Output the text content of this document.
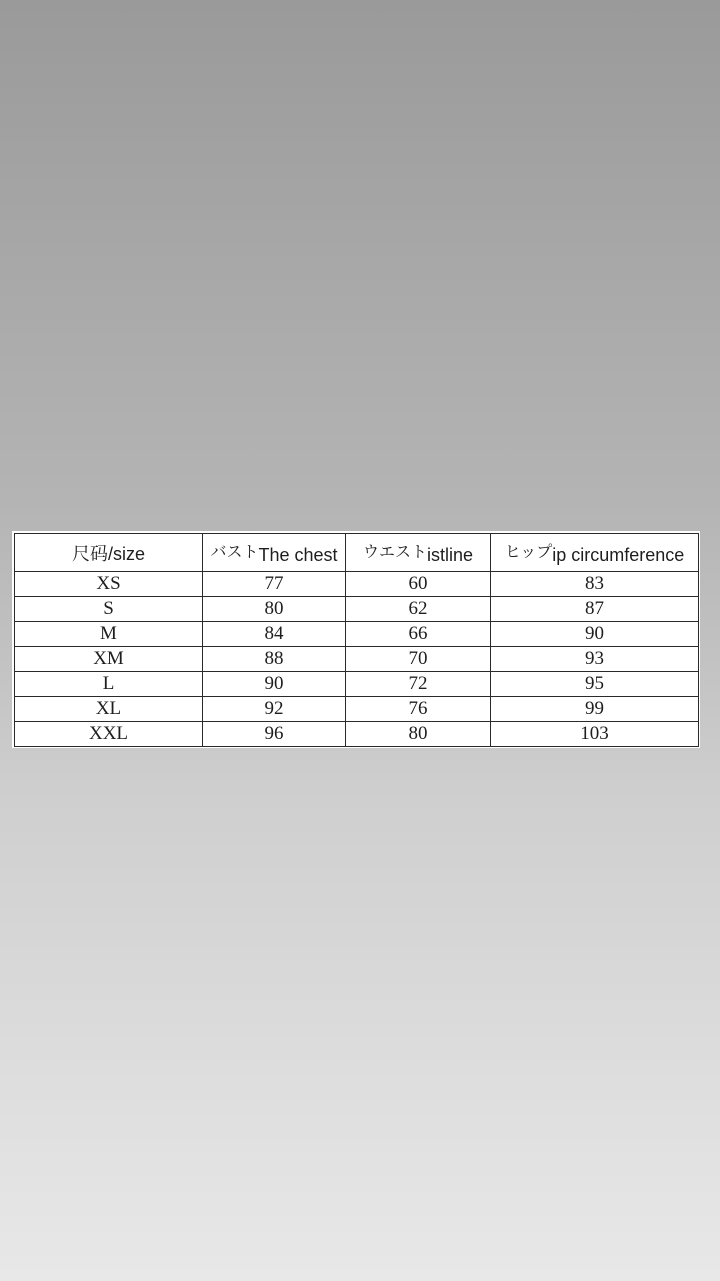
尺码/size	バストThe chest	ウエストistline	ヒップip circumference
XS	77	60	83
S	80	62	87
M	84	66	90
XM	88	70	93
L	90	72	95
XL	92	76	99
XXL	96	80	103
